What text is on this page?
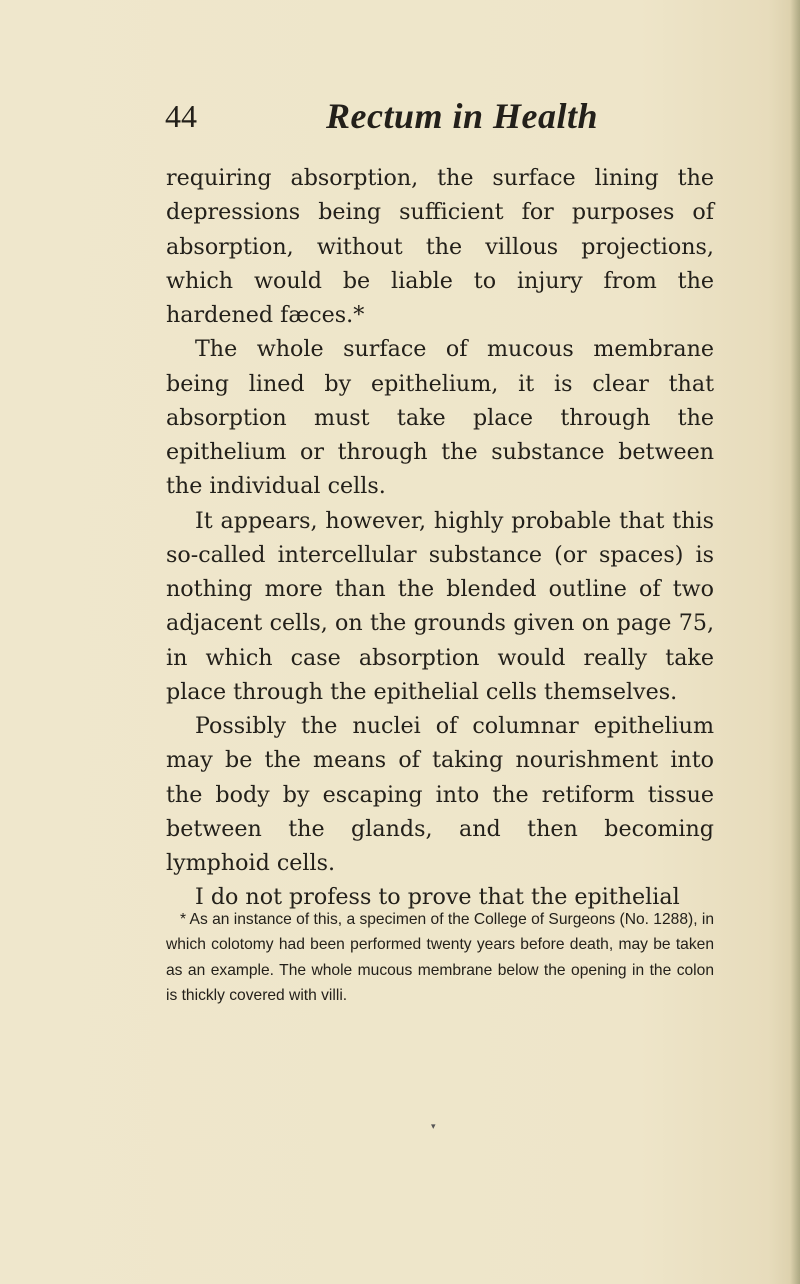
44	Rectum in Health

requiring absorption, the surface lining the depressions being sufficient for purposes of absorption, without the villous projections, which would be liable to injury from the hardened fæces.*

The whole surface of mucous membrane being lined by epithelium, it is clear that absorption must take place through the epithelium or through the substance between the individual cells.

It appears, however, highly probable that this so-called intercellular substance (or spaces) is nothing more than the blended outline of two adjacent cells, on the grounds given on page 75, in which case absorption would really take place through the epithelial cells themselves.

Possibly the nuclei of columnar epithelium may be the means of taking nourishment into the body by escaping into the retiform tissue between the glands, and then becoming lymphoid cells.

I do not profess to prove that the epithelial

* As an instance of this, a specimen of the College of Surgeons (No. 1288), in which colotomy had been performed twenty years before death, may be taken as an example. The whole mucous membrane below the opening in the colon is thickly covered with villi.

▾
